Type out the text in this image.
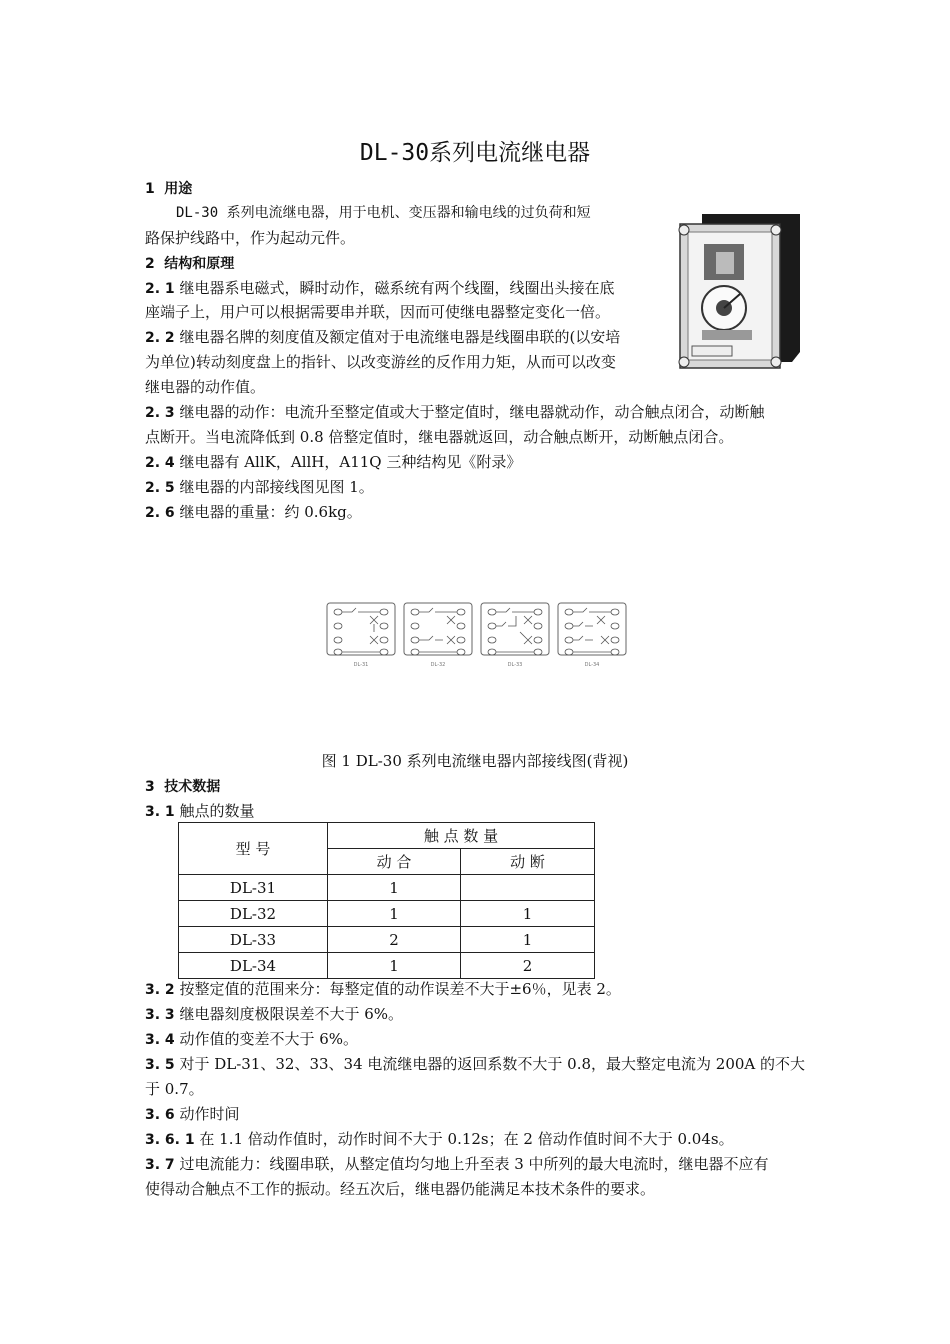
DL-30系列电流继电器
1 用途
DL-30 系列电流继电器，用于电机、变压器和输电线的过负荷和短
路保护线路中，作为起动元件。
2 结构和原理
2. 1 继电器系电磁式，瞬时动作，磁系统有两个线圈，线圈出头接在底
座端子上，用户可以根据需要串并联，因而可使继电器整定变化一倍。
2. 2 继电器名牌的刻度值及额定值对于电流继电器是线圈串联的(以安培
为单位)转动刻度盘上的指针、以改变游丝的反作用力矩，从而可以改变
继电器的动作值。
2. 3 继电器的动作：电流升至整定值或大于整定值时，继电器就动作，动合触点闭合，动断触
点断开。当电流降低到 0.8 倍整定值时，继电器就返回，动合触点断开，动断触点闭合。
2. 4 继电器有 AllK，AllH，A11Q 三种结构见《附录》
2. 5 继电器的内部接线图见图 1。
2. 6 继电器的重量：约 0.6kg。
DL-31	DL-32	DL-33	DL-34
图 1 DL-30 系列电流继电器内部接线图(背视)
3 技术数据
3. 1 触点的数量
型 号	触 点 数 量	
	动 合	动 断
DL-31	1	
DL-32	1	1
DL-33	2	1
DL-34	1	2
3. 2 按整定值的范围来分：每整定值的动作误差不大于±6％，见表 2。
3. 3 继电器刻度极限误差不大于 6%。
3. 4 动作值的变差不大于 6%。
3. 5 对于 DL-31、32、33、34 电流继电器的返回系数不大于 0.8，最大整定电流为 200A 的不大
于 0.7。
3. 6 动作时间
3. 6. 1 在 1.1 倍动作值时，动作时间不大于 0.12s；在 2 倍动作值时间不大于 0.04s。
3. 7 过电流能力：线圈串联，从整定值均匀地上升至表 3 中所列的最大电流时，继电器不应有
使得动合触点不工作的振动。经五次后，继电器仍能满足本技术条件的要求。
